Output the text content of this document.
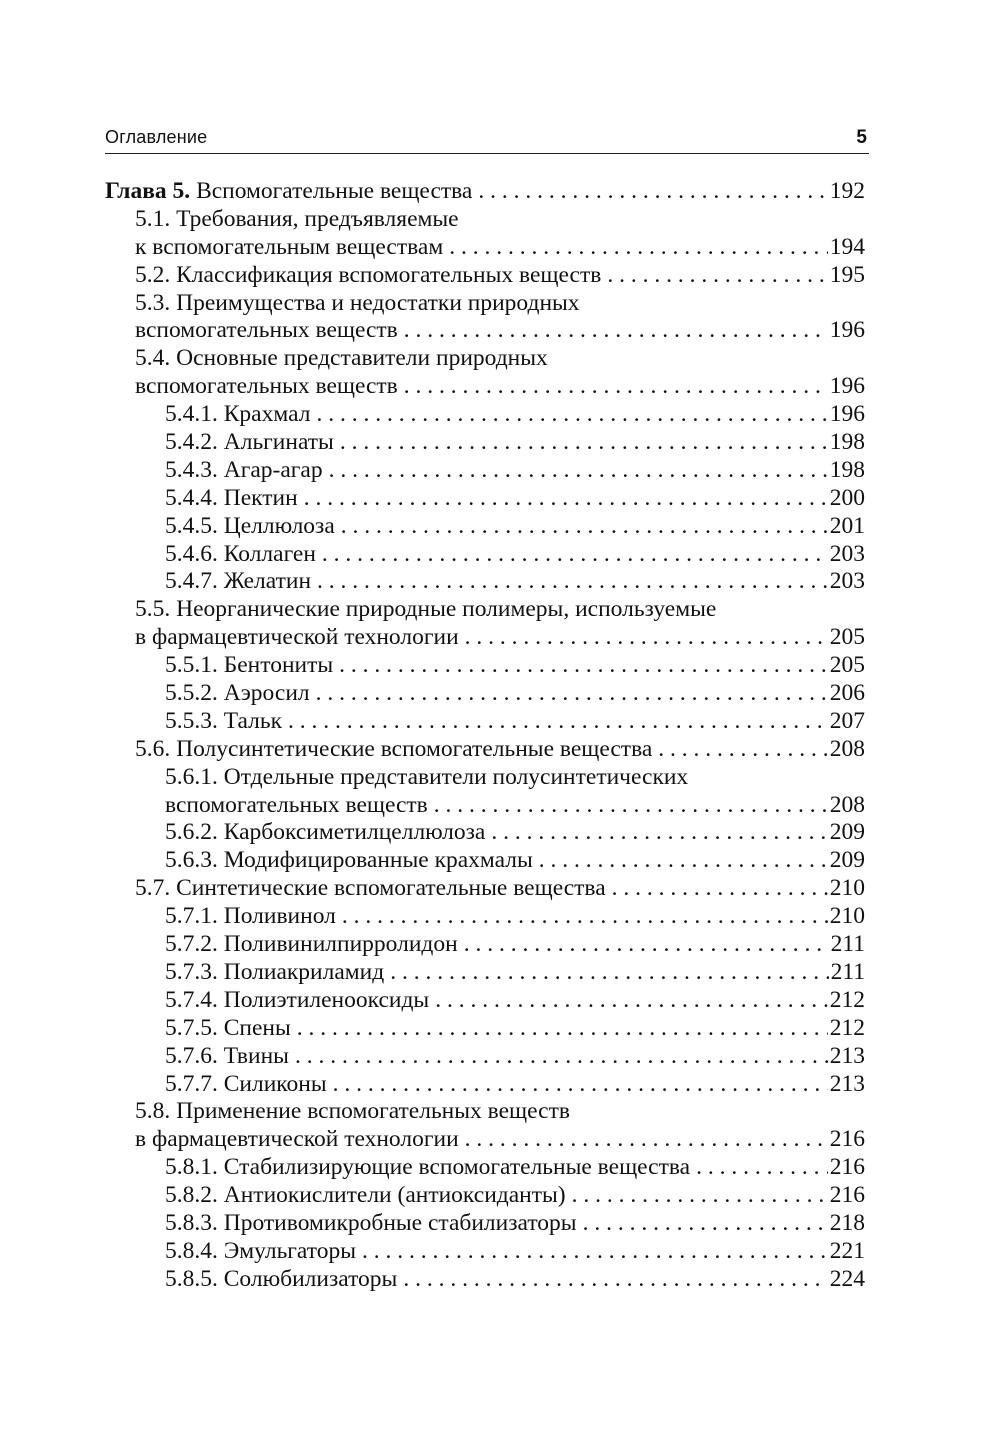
Оглавление	5
Глава 5. Вспомогательные вещества . . .	192
5.1. Требования, предъявляемые
к вспомогательным веществам . . .	194
5.2. Классификация вспомогательных веществ . . .	195
5.3. Преимущества и недостатки природных
вспомогательных веществ . . .	196
5.4. Основные представители природных
вспомогательных веществ . . .	196
5.4.1. Крахмал . . .	196
5.4.2. Альгинаты . . .	198
5.4.3. Агар-агар . . .	198
5.4.4. Пектин . . .	200
5.4.5. Целлюлоза . . .	201
5.4.6. Коллаген . . .	203
5.4.7. Желатин . . .	203
5.5. Неорганические природные полимеры, используемые
в фармацевтической технологии . . .	205
5.5.1. Бентониты . . .	205
5.5.2. Аэросил . . .	206
5.5.3. Тальк . . .	207
5.6. Полусинтетические вспомогательные вещества . . .	208
5.6.1. Отдельные представители полусинтетических
вспомогательных веществ . . .	208
5.6.2. Карбоксиметилцеллюлоза . . .	209
5.6.3. Модифицированные крахмалы . . .	209
5.7. Синтетические вспомогательные вещества . . .	210
5.7.1. Поливинол . . .	210
5.7.2. Поливинилпирролидон . . .	211
5.7.3. Полиакриламид . . .	211
5.7.4. Полиэтиленооксиды . . .	212
5.7.5. Спены . . .	212
5.7.6. Твины . . .	213
5.7.7. Силиконы . . .	213
5.8. Применение вспомогательных веществ
в фармацевтической технологии . . .	216
5.8.1. Стабилизирующие вспомогательные вещества . . .	216
5.8.2. Антиокислители (антиоксиданты) . . .	216
5.8.3. Противомикробные стабилизаторы . . .	218
5.8.4. Эмульгаторы . . .	221
5.8.5. Солюбилизаторы . . .	224
